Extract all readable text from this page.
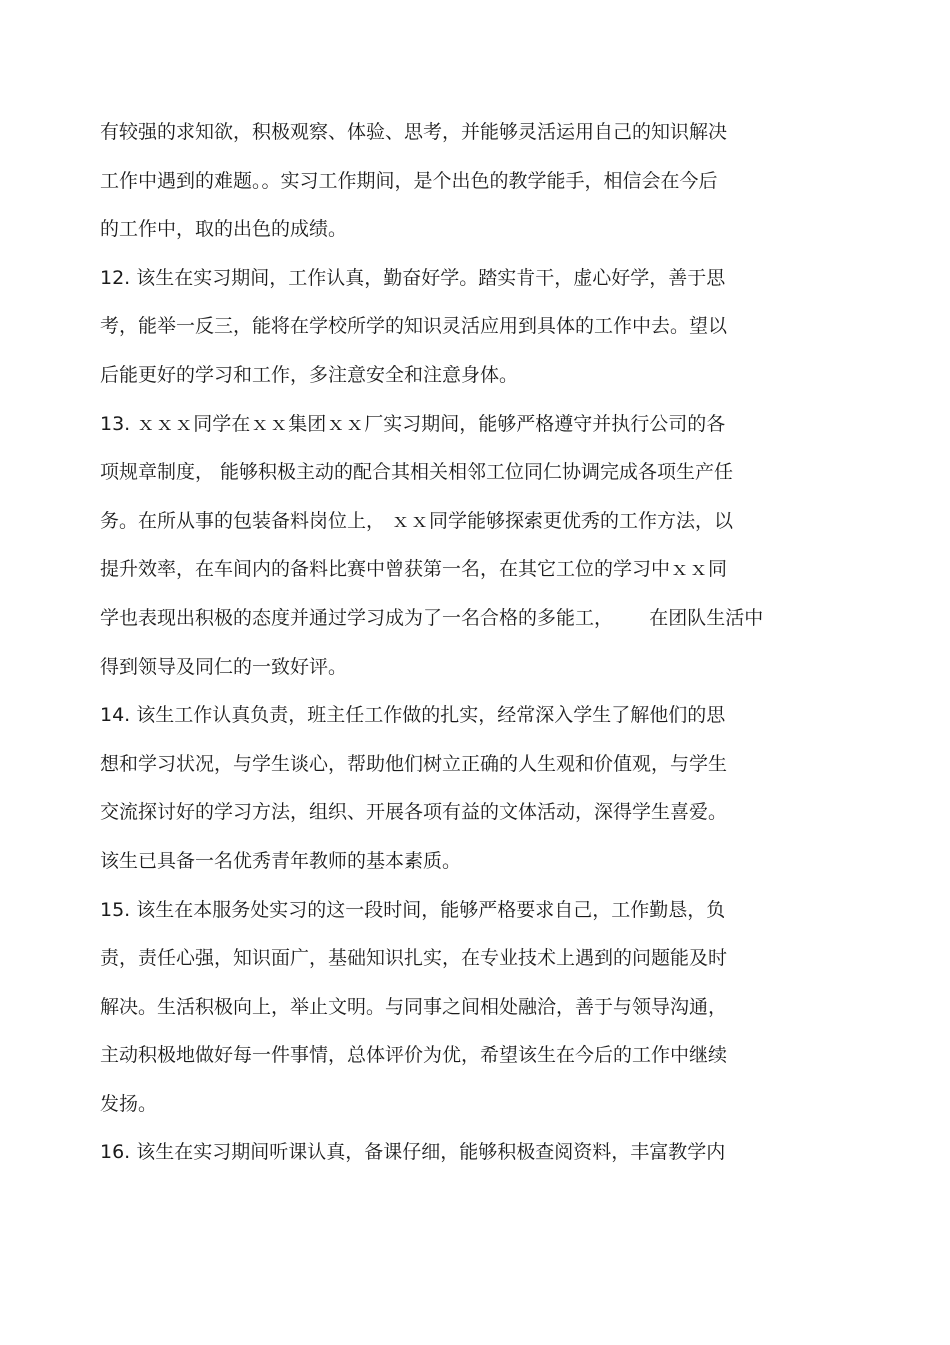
有较强的求知欲，积极观察、体验、思考，并能够灵活运用自己的知识解决
工作中遇到的难题。。实习工作期间，是个出色的教学能手，相信会在今后
的工作中，取的出色的成绩。
12. 该生在实习期间，工作认真，勤奋好学。踏实肯干，虚心好学，善于思
考，能举一反三，能将在学校所学的知识灵活应用到具体的工作中去。望以
后能更好的学习和工作，多注意安全和注意身体。
13. ｘｘｘ同学在ｘｘ集团ｘｘ厂实习期间，能够严格遵守并执行公司的各
项规章制度， 能够积极主动的配合其相关相邻工位同仁协调完成各项生产任
务。在所从事的包装备料岗位上， ｘｘ同学能够探索更优秀的工作方法，以
提升效率，在车间内的备料比赛中曾获第一名，在其它工位的学习中ｘｘ同
学也表现出积极的态度并通过学习成为了一名合格的多能工，      在团队生活中
得到领导及同仁的一致好评。
14. 该生工作认真负责，班主任工作做的扎实，经常深入学生了解他们的思
想和学习状况，与学生谈心，帮助他们树立正确的人生观和价值观，与学生
交流探讨好的学习方法，组织、开展各项有益的文体活动，深得学生喜爱。
该生已具备一名优秀青年教师的基本素质。
15. 该生在本服务处实习的这一段时间，能够严格要求自己，工作勤恳，负
责，责任心强，知识面广，基础知识扎实，在专业技术上遇到的问题能及时
解决。生活积极向上，举止文明。与同事之间相处融洽，善于与领导沟通，
主动积极地做好每一件事情，总体评价为优，希望该生在今后的工作中继续
发扬。
16. 该生在实习期间听课认真，备课仔细，能够积极查阅资料，丰富教学内
